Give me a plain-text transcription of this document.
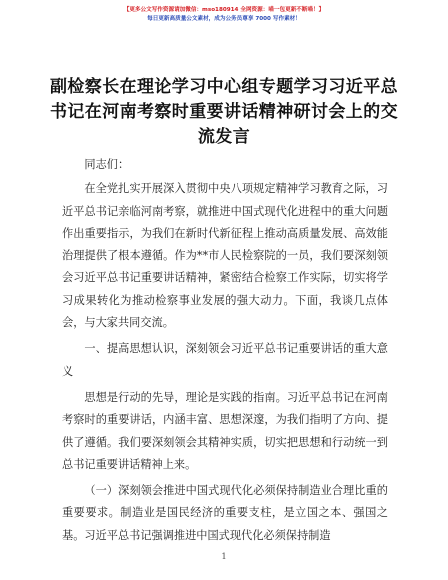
【更多公文写作资源请加微信：mso180914 全网资源：喵一包更新不断喵！】
每日更新高质量公文素材，成为公务员尊享 7000 写作素材！
副检察长在理论学习中心组专题学习习近平总
书记在河南考察时重要讲话精神研讨会上的交
流发言

同志们：

在全党扎实开展深入贯彻中央八项规定精神学习教育之际，习近平总书记亲临河南考察，就推进中国式现代化进程中的重大问题作出重要指示，为我们在新时代新征程上推动高质量发展、高效能治理提供了根本遵循。作为**市人民检察院的一员，我们要深刻领会习近平总书记重要讲话精神，紧密结合检察工作实际，切实将学习成果转化为推动检察事业发展的强大动力。下面，我谈几点体会，与大家共同交流。

一、提高思想认识，深刻领会习近平总书记重要讲话的重大意义

思想是行动的先导，理论是实践的指南。习近平总书记在河南考察时的重要讲话，内涵丰富、思想深邃，为我们指明了方向、提供了遵循。我们要深刻领会其精神实质，切实把思想和行动统一到总书记重要讲话精神上来。

（一）深刻领会推进中国式现代化必须保持制造业合理比重的重要要求。制造业是国民经济的重要支柱，是立国之本、强国之基。习近平总书记强调推进中国式现代化必须保持制造

1
